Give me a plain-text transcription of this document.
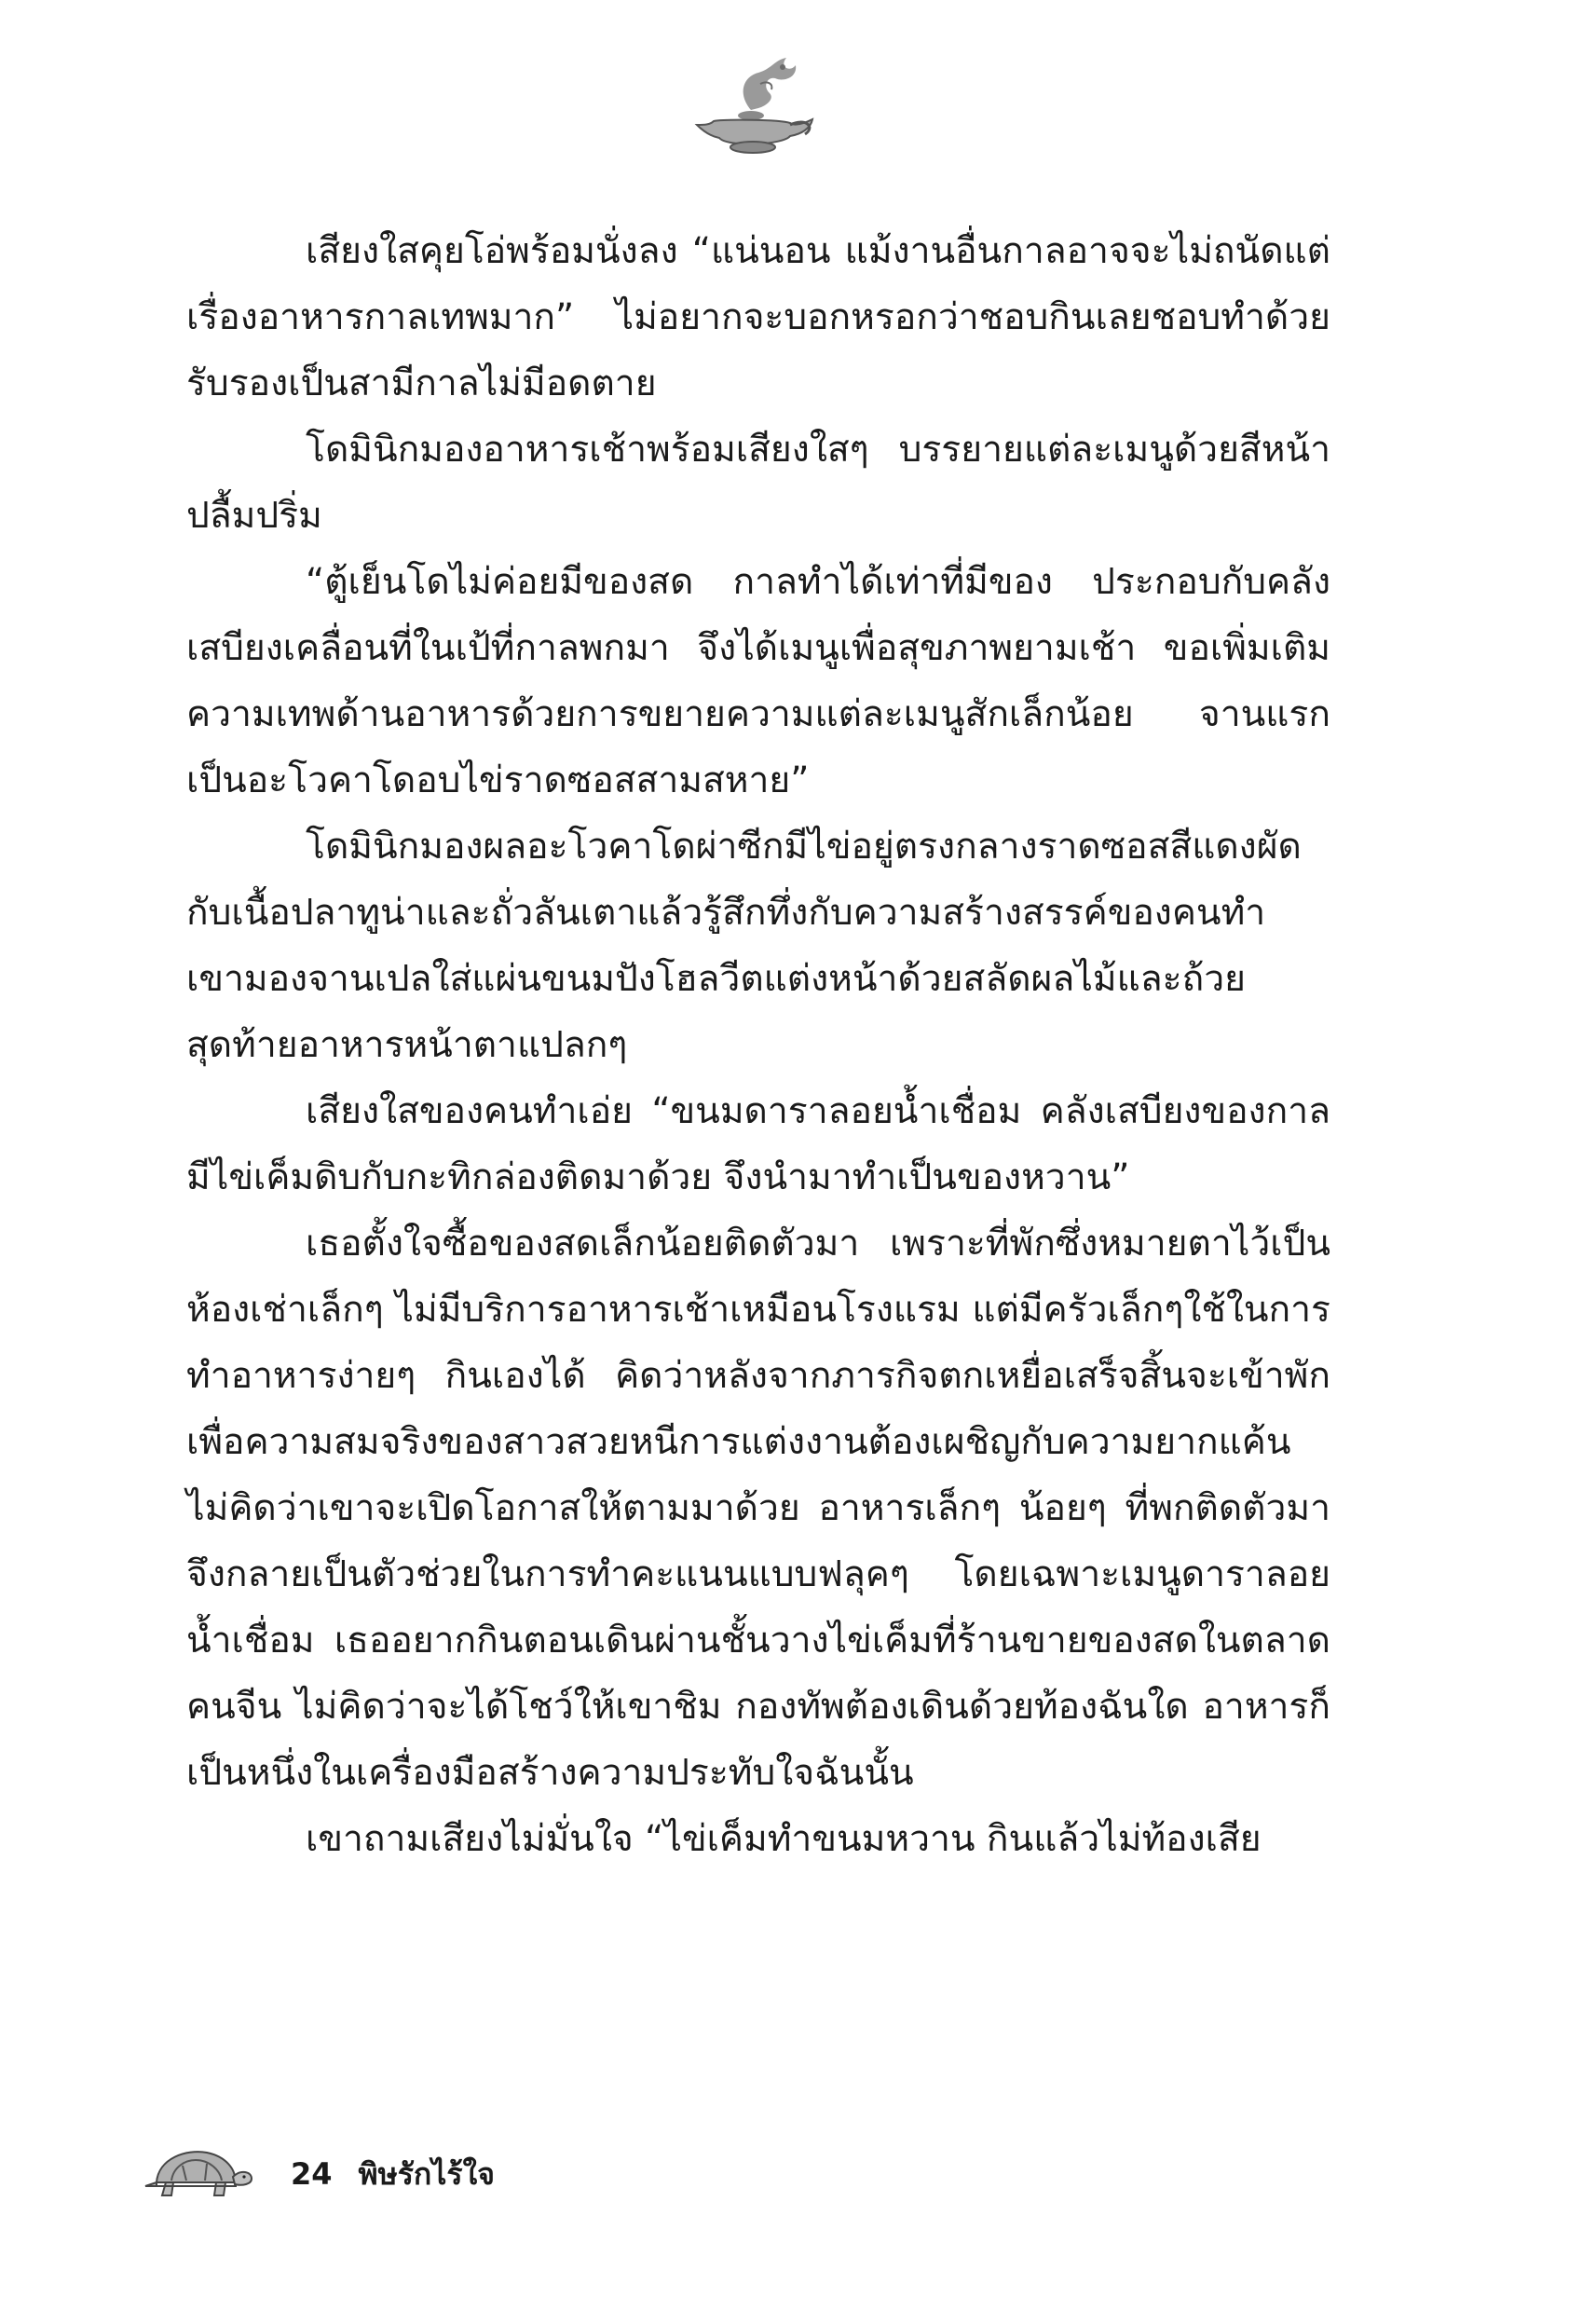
เสียงใสคุยโอ่พร้อมนั่งลง “แน่นอน แม้งานอื่นกาลอาจจะไม่ถนัดแต่เรื่องอาหารกาลเทพมาก” ไม่อยากจะบอกหรอกว่าชอบกินเลยชอบทำด้วย รับรองเป็นสามีกาลไม่มีอดตาย

โดมินิกมองอาหารเช้าพร้อมเสียงใสๆ บรรยายแต่ละเมนูด้วยสีหน้าปลื้มปริ่ม

“ตู้เย็นโดไม่ค่อยมีของสด กาลทำได้เท่าที่มีของ ประกอบกับคลังเสบียงเคลื่อนที่ในเป้ที่กาลพกมา จึงได้เมนูเพื่อสุขภาพยามเช้า ขอเพิ่มเติมความเทพด้านอาหารด้วยการขยายความแต่ละเมนูสักเล็กน้อย จานแรกเป็นอะโวคาโดอบไข่ราดซอสสามสหาย”

โดมินิกมองผลอะโวคาโดผ่าซีกมีไข่อยู่ตรงกลางราดซอสสีแดงผัดกับเนื้อปลาทูน่าและถั่วลันเตาแล้วรู้สึกทึ่งกับความสร้างสรรค์ของคนทำ เขามองจานเปลใส่แผ่นขนมปังโฮลวีตแต่งหน้าด้วยสลัดผลไม้และถ้วยสุดท้ายอาหารหน้าตาแปลกๆ

เสียงใสของคนทำเอ่ย “ขนมดาราลอยน้ำเชื่อม คลังเสบียงของกาลมีไข่เค็มดิบกับกะทิกล่องติดมาด้วย จึงนำมาทำเป็นของหวาน”

เธอตั้งใจซื้อของสดเล็กน้อยติดตัวมา เพราะที่พักซึ่งหมายตาไว้เป็นห้องเช่าเล็กๆ ไม่มีบริการอาหารเช้าเหมือนโรงแรม แต่มีครัวเล็กๆใช้ในการทำอาหารง่ายๆ กินเองได้ คิดว่าหลังจากภารกิจตกเหยื่อเสร็จสิ้นจะเข้าพักเพื่อความสมจริงของสาวสวยหนีการแต่งงานต้องเผชิญกับความยากแค้น ไม่คิดว่าเขาจะเปิดโอกาสให้ตามมาด้วย อาหารเล็กๆ น้อยๆ ที่พกติดตัวมาจึงกลายเป็นตัวช่วยในการทำคะแนนแบบฟลุคๆ โดยเฉพาะเมนูดาราลอยน้ำเชื่อม เธออยากกินตอนเดินผ่านชั้นวางไข่เค็มที่ร้านขายของสดในตลาดคนจีน ไม่คิดว่าจะได้โชว์ให้เขาชิม กองทัพต้องเดินด้วยท้องฉันใด อาหารก็เป็นหนึ่งในเครื่องมือสร้างความประทับใจฉันนั้น

เขาถามเสียงไม่มั่นใจ “ไข่เค็มทำขนมหวาน กินแล้วไม่ท้องเสีย

24 พิษรักไร้ใจ
